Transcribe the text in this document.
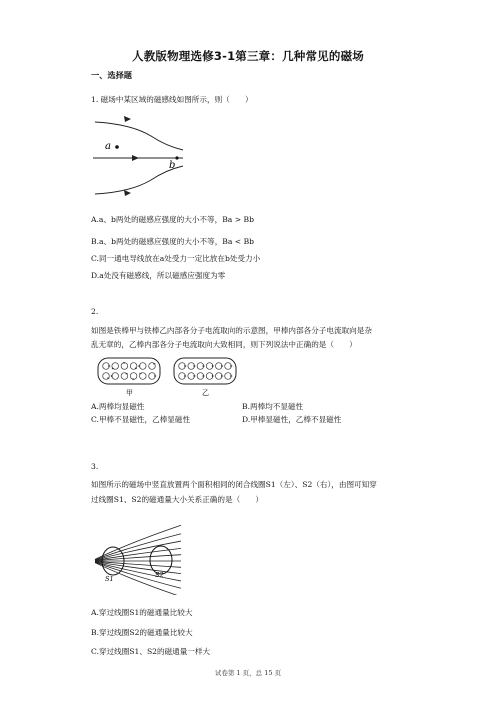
人教版物理选修3-1第三章：几种常见的磁场
一、选择题
1. 磁场中某区域的磁感线如图所示，则（　　）
a
b
A.a、b两处的磁感应强度的大小不等，Ba > Bb
B.a、b两处的磁感应强度的大小不等，Ba < Bb
C.同一通电导线放在a处受力一定比放在b处受力小
D.a处没有磁感线，所以磁感应强度为零
2.
如图是铁棒甲与铁棒乙内部各分子电流取向的示意图，甲棒内部各分子电流取向是杂
乱无章的，乙棒内部各分子电流取向大致相同，则下列说法中正确的是（　　）
甲	乙
A.两棒均显磁性	B.两棒均不显磁性
C.甲棒不显磁性，乙棒显磁性	D.甲棒显磁性，乙棒不显磁性
3.
如图所示的磁场中竖直放置两个面积相同的闭合线圈S1（左）、S2（右），由图可知穿
过线圈S1、S2的磁通量大小关系正确的是（　　）
S1	S2
A.穿过线圈S1的磁通量比较大
B.穿过线圈S2的磁通量比较大
C.穿过线圈S1、S2的磁通量一样大
试卷第 1 页，总 15 页
